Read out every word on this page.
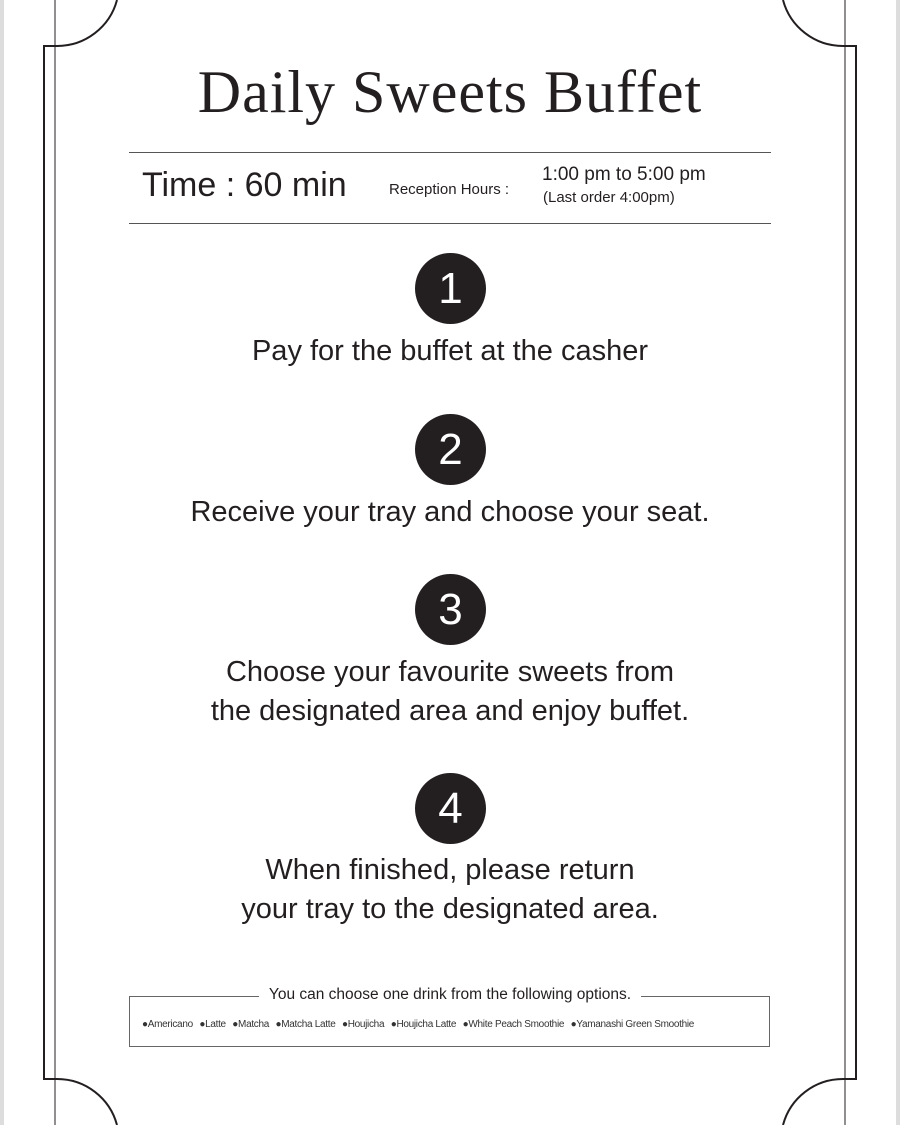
Daily Sweets Buffet
Time : 60 min	Reception Hours :
1:00 pm to 5:00 pm
(Last order 4:00pm)
1
Pay for the buffet at the casher
2
Receive your tray and choose your seat.
3
Choose your favourite sweets from
the designated area and enjoy buffet.
4
When finished, please return
your tray to the designated area.
You can choose one drink from the following options.
●Americano ●Latte ●Matcha ●Matcha Latte ●Houjicha ●Houjicha Latte ●White Peach Smoothie ●Yamanashi Green Smoothie
